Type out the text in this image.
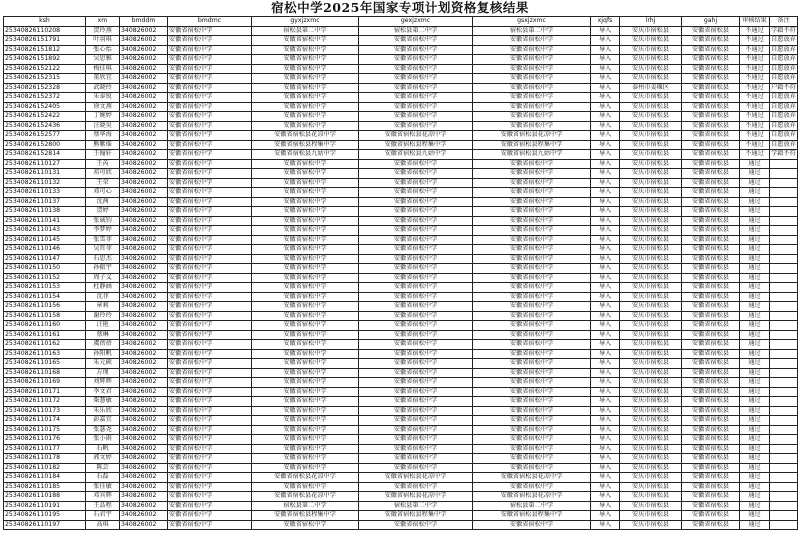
宿松中学2025年国家专项计划资格复核结果
ksh	xm	bmddm	bmdmc	gyxjzxmc	gexjzxmc	gsxjzxmc	xjqfs	lrhj	gahj	审核结果	备注
25340826110208	贺玲燕	340826002	安徽省宿松中学	宿松县第二中学	宿松县第二中学	宿松县第二中学	导入	安庆市宿松县	安徽省宿松县	不通过	学籍不符
25340826151791	叶羽琪	340826002	安徽省宿松中学	安徽省宿松中学	安徽省宿松中学	安徽省宿松中学	导入	安庆市宿松县	安徽省宿松县	不通过	自愿放弃
25340826151812	张心怡	340826002	安徽省宿松中学	安徽省宿松中学	安徽省宿松中学	安徽省宿松中学	导入	安庆市宿松县	安徽省宿松县	不通过	自愿放弃
25340826151892	吴思雅	340826002	安徽省宿松中学	安徽省宿松中学	安徽省宿松中学	安徽省宿松中学	导入	安庆市宿松县	安徽省宿松县	不通过	自愿放弃
25340826152122	梅佳琪	340826002	安徽省宿松中学	安徽省宿松中学	安徽省宿松中学	安徽省宿松中学	导入	安庆市宿松县	安徽省宿松县	不通过	自愿放弃
25340826152315	董欣宜	340826002	安徽省宿松中学	安徽省宿松中学	安徽省宿松中学	安徽省宿松中学	导入	安庆市宿松县	安徽省宿松县	不通过	自愿放弃
25340826152328	武晓玲	340826002	安徽省宿松中学	安徽省宿松中学	安徽省宿松中学	安徽省宿松中学	导入	泰州市姜堰区	安徽省宿松县	不通过	户籍不符
25340826152372	朱泰锐	340826002	安徽省宿松中学	安徽省宿松中学	安徽省宿松中学	安徽省宿松中学	导入	安庆市宿松县	安徽省宿松县	不通过	自愿放弃
25340826152405	徐文燕	340826002	安徽省宿松中学	安徽省宿松中学	安徽省宿松中学	安徽省宿松中学	导入	安庆市宿松县	安徽省宿松县	不通过	自愿放弃
25340826152422	丁婉婷	340826002	安徽省宿松中学	安徽省宿松中学	安徽省宿松中学	安徽省宿松中学	导入	安庆市宿松县	安徽省宿松县	不通过	自愿放弃
25340826152436	汪晓昊	340826002	安徽省宿松中学	安徽省宿松中学	安徽省宿松中学	安徽省宿松中学	导入	安庆市宿松县	安徽省宿松县	不通过	自愿放弃
25340826152577	蔡华海	340826002	安徽省宿松中学	安徽省宿松县花凉中学	安徽省宿松县花凉中学	安徽省宿松县花凉中学	导入	安庆市宿松县	安徽省宿松县	不通过	自愿放弃
25340826152800	熊紫瑶	340826002	安徽省宿松中学	安徽省宿松县程集中学	安徽省宿松县程集中学	安徽省宿松县程集中学	导入	安庆市宿松县	安徽省宿松县	不通过	自愿放弃
25340826152814	王翰轩	340826002	安徽省宿松中学	安徽省宿松县九姑中学	安徽省宿松县九姑中学	安徽省宿松县九姑中学	导入	安庆市宿松县	安徽省宿松县	不通过	学籍不符
25340826110127	王芮	340826002	安徽省宿松中学	安徽省宿松中学	安徽省宿松中学	安徽省宿松中学	导入	安庆市宿松县	安徽省宿松县	通过	
25340826110131	祁可欣	340826002	安徽省宿松中学	安徽省宿松中学	安徽省宿松中学	安徽省宿松中学	导入	安庆市宿松县	安徽省宿松县	通过	
25340826110132	王荣	340826002	安徽省宿松中学	安徽省宿松中学	安徽省宿松中学	安徽省宿松中学	导入	安庆市宿松县	安徽省宿松县	通过	
25340826110133	邓可心	340826002	安徽省宿松中学	安徽省宿松中学	安徽省宿松中学	安徽省宿松中学	导入	安庆市宿松县	安徽省宿松县	通过	
25340826110137	沈茜	340826002	安徽省宿松中学	安徽省宿松中学	安徽省宿松中学	安徽省宿松中学	导入	安庆市宿松县	安徽省宿松县	通过	
25340826110138	贺婷	340826002	安徽省宿松中学	安徽省宿松中学	安徽省宿松中学	安徽省宿松中学	导入	安庆市宿松县	安徽省宿松县	通过	
25340826110141	张诚钧	340826002	安徽省宿松中学	安徽省宿松中学	安徽省宿松中学	安徽省宿松中学	导入	安庆市宿松县	安徽省宿松县	通过	
25340826110143	李梦婷	340826002	安徽省宿松中学	安徽省宿松中学	安徽省宿松中学	安徽省宿松中学	导入	安庆市宿松县	安徽省宿松县	通过	
25340826110145	张雪菲	340826002	安徽省宿松中学	安徽省宿松中学	安徽省宿松中学	安徽省宿松中学	导入	安庆市宿松县	安徽省宿松县	通过	
25340826110146	吴晋菲	340826002	安徽省宿松中学	安徽省宿松中学	安徽省宿松中学	安徽省宿松中学	导入	安庆市宿松县	安徽省宿松县	通过	
25340826110147	石思杰	340826002	安徽省宿松中学	安徽省宿松中学	安徽省宿松中学	安徽省宿松中学	导入	安庆市宿松县	安徽省宿松县	通过	
25340826110150	孙振宇	340826002	安徽省宿松中学	安徽省宿松中学	安徽省宿松中学	安徽省宿松中学	导入	安庆市宿松县	安徽省宿松县	通过	
25340826110152	周子义	340826002	安徽省宿松中学	安徽省宿松中学	安徽省宿松中学	安徽省宿松中学	导入	安庆市宿松县	安徽省宿松县	通过	
25340826110153	杜静涵	340826002	安徽省宿松中学	安徽省宿松中学	安徽省宿松中学	安徽省宿松中学	导入	安庆市宿松县	安徽省宿松县	通过	
25340826110154	沈菲	340826002	安徽省宿松中学	安徽省宿松中学	安徽省宿松中学	安徽省宿松中学	导入	安庆市宿松县	安徽省宿松县	通过	
25340826110156	章莉	340826002	安徽省宿松中学	安徽省宿松中学	安徽省宿松中学	安徽省宿松中学	导入	安庆市宿松县	安徽省宿松县	通过	
25340826110158	谢玲玲	340826002	安徽省宿松中学	安徽省宿松中学	安徽省宿松中学	安徽省宿松中学	导入	安庆市宿松县	安徽省宿松县	通过	
25340826110160	汪艳	340826002	安徽省宿松中学	安徽省宿松中学	安徽省宿松中学	安徽省宿松中学	导入	安庆市宿松县	安徽省宿松县	通过	
25340826110161	蔡琳	340826002	安徽省宿松中学	安徽省宿松中学	安徽省宿松中学	安徽省宿松中学	导入	安庆市宿松县	安徽省宿松县	通过	
25340826110162	虞蓓蓓	340826002	安徽省宿松中学	安徽省宿松中学	安徽省宿松中学	安徽省宿松中学	导入	安庆市宿松县	安徽省宿松县	通过	
25340826110163	孙阳帆	340826002	安徽省宿松中学	安徽省宿松中学	安徽省宿松中学	安徽省宿松中学	导入	安庆市宿松县	安徽省宿松县	通过	
25340826110165	朱元硕	340826002	安徽省宿松中学	安徽省宿松中学	安徽省宿松中学	安徽省宿松中学	导入	安庆市宿松县	安徽省宿松县	通过	
25340826110168	方瑾	340826002	安徽省宿松中学	安徽省宿松中学	安徽省宿松中学	安徽省宿松中学	导入	安庆市宿松县	安徽省宿松县	通过	
25340826110169	刘辉辉	340826002	安徽省宿松中学	安徽省宿松中学	安徽省宿松中学	安徽省宿松中学	导入	安庆市宿松县	安徽省宿松县	通过	
25340826110171	李文君	340826002	安徽省宿松中学	安徽省宿松中学	安徽省宿松中学	安徽省宿松中学	导入	安庆市宿松县	安徽省宿松县	通过	
25340826110172	柴慧敏	340826002	安徽省宿松中学	安徽省宿松中学	安徽省宿松中学	安徽省宿松中学	导入	安庆市宿松县	安徽省宿松县	通过	
25340826110173	朱乐欣	340826002	安徽省宿松中学	安徽省宿松中学	安徽省宿松中学	安徽省宿松中学	导入	安庆市宿松县	安徽省宿松县	通过	
25340826110174	彭嘉宜	340826002	安徽省宿松中学	安徽省宿松中学	安徽省宿松中学	安徽省宿松中学	导入	安庆市宿松县	安徽省宿松县	通过	
25340826110175	张瑟尧	340826002	安徽省宿松中学	安徽省宿松中学	安徽省宿松中学	安徽省宿松中学	导入	安庆市宿松县	安徽省宿松县	通过	
25340826110176	张小雨	340826002	安徽省宿松中学	安徽省宿松中学	安徽省宿松中学	安徽省宿松中学	导入	安庆市宿松县	安徽省宿松县	通过	
25340826110177	石帆	340826002	安徽省宿松中学	安徽省宿松中学	安徽省宿松中学	安徽省宿松中学	导入	安庆市宿松县	安徽省宿松县	通过	
25340826110178	郭文婷	340826002	安徽省宿松中学	安徽省宿松中学	安徽省宿松中学	安徽省宿松中学	导入	安庆市宿松县	安徽省宿松县	通过	
25340826110182	陈芸	340826002	安徽省宿松中学	安徽省宿松中学	安徽省宿松中学	安徽省宿松中学	导入	安庆市宿松县	安徽省宿松县	通过	
25340826110184	石磊	340826002	安徽省宿松中学	安徽省宿松县花凉中学	安徽省宿松县花凉中学	安徽省宿松县花凉中学	导入	安庆市宿松县	安徽省宿松县	通过	
25340826110185	张佳敏	340826002	安徽省宿松中学	安徽省宿松中学	安徽省宿松中学	安徽省宿松中学	导入	安庆市宿松县	安徽省宿松县	通过	
25340826110188	邓宾辉	340826002	安徽省宿松中学	安徽省宿松县花凉中学	安徽省宿松县花凉中学	安徽省宿松县花凉中学	导入	安庆市宿松县	安徽省宿松县	通过	
25340826110191	王品程	340826002	安徽省宿松中学	宿松县第二中学	宿松县第二中学	宿松县第二中学	导入	安庆市宿松县	安徽省宿松县	通过	
25340826110195	石君宇	340826002	安徽省宿松中学	安徽省宿松县程集中学	安徽省宿松县程集中学	安徽省宿松县程集中学	导入	安庆市宿松县	安徽省宿松县	通过	
25340826110197	高琪	340826002	安徽省宿松中学	安徽省宿松中学	安徽省宿松中学	安徽省宿松中学	导入	安庆市宿松县	安徽省宿松县	通过	
